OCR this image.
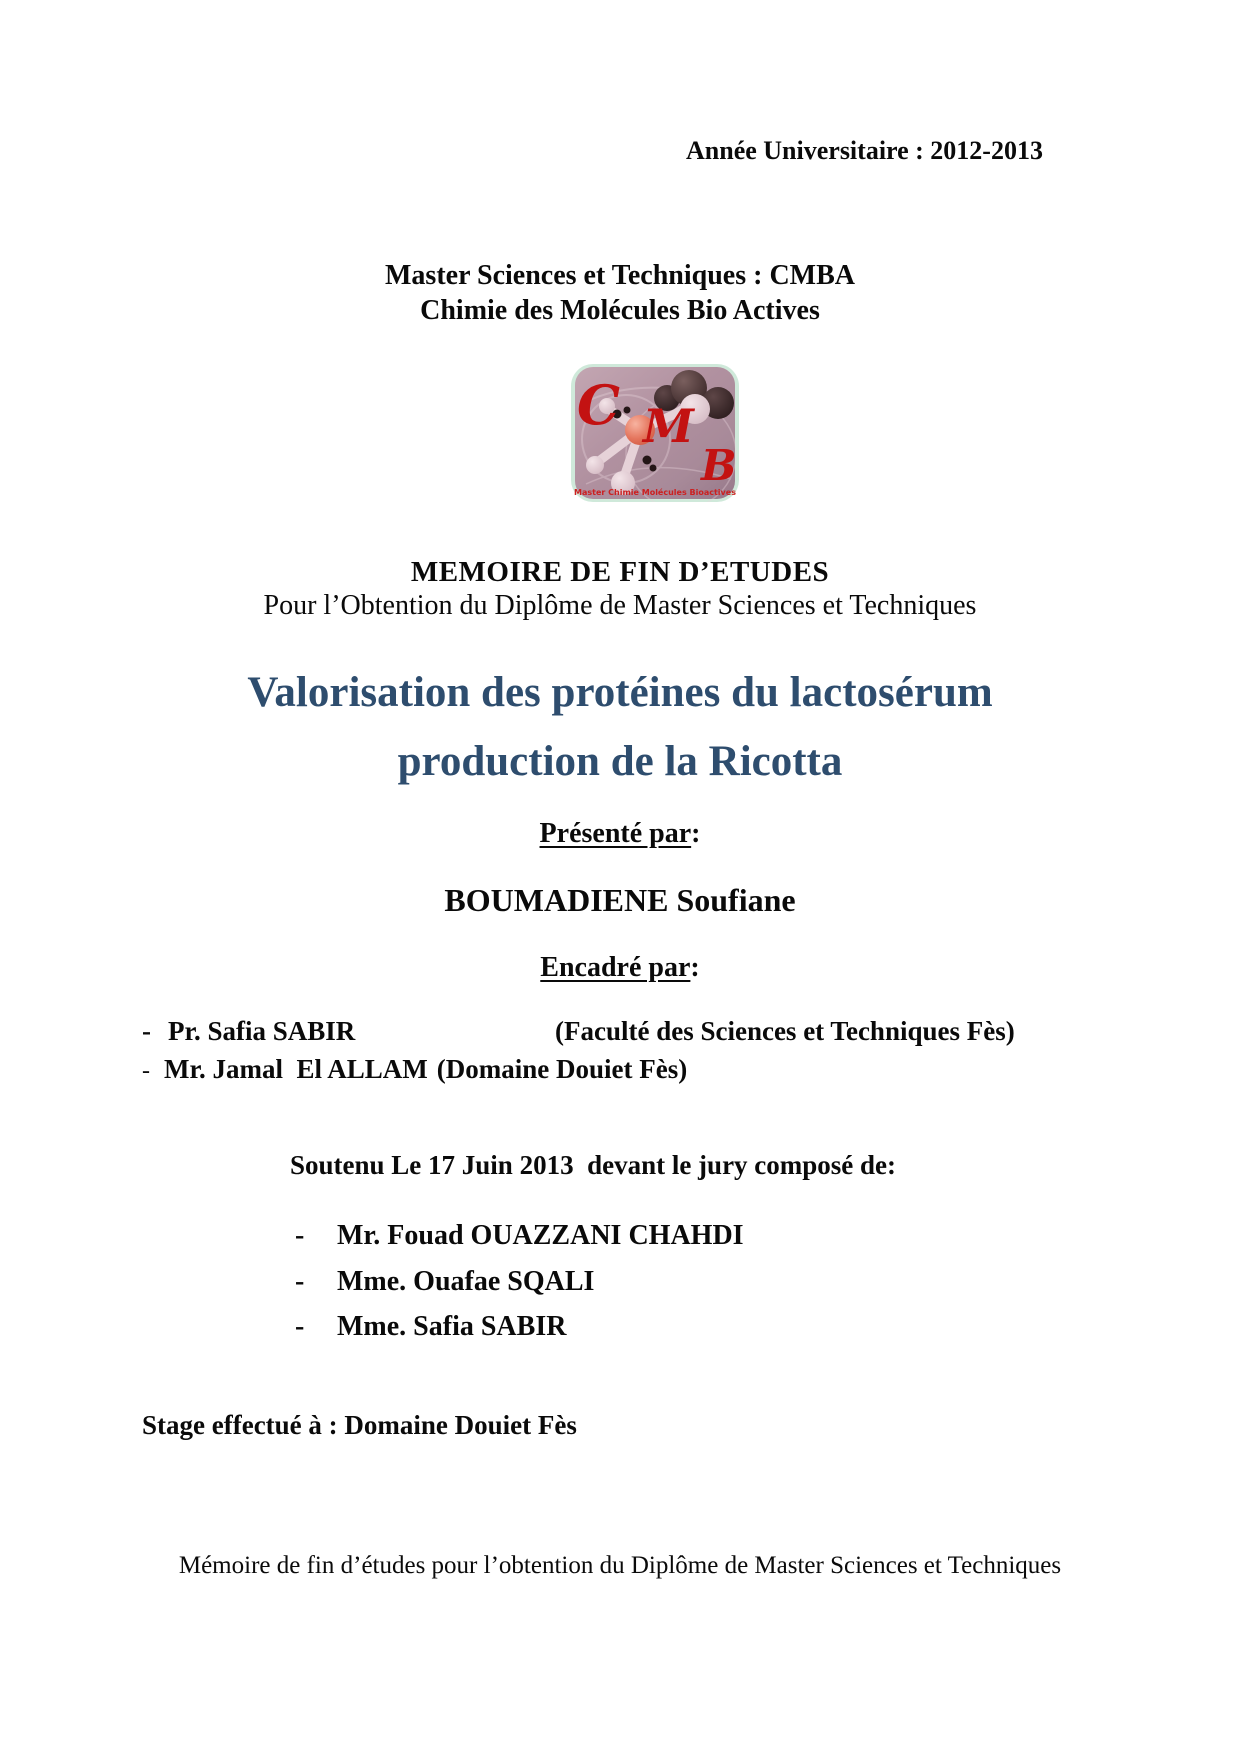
Année Universitaire : 2012-2013
Master Sciences et Techniques : CMBA
Chimie des Molécules Bio Actives
C M
B
Master Chimie Molécules Bioactives
MEMOIRE DE FIN D’ETUDES
Pour l’Obtention du Diplôme de Master Sciences et Techniques
Valorisation des protéines du lactosérum
production de la Ricotta
Présenté par:
BOUMADIENE Soufiane
Encadré par:
- Pr. Safia SABIR	(Faculté des Sciences et Techniques Fès)
- Mr. Jamal  El ALLAM (Domaine Douiet Fès)
Soutenu Le 17 Juin 2013  devant le jury composé de:
- Mr. Fouad OUAZZANI CHAHDI
- Mme. Ouafae SQALI
- Mme. Safia SABIR
Stage effectué à : Domaine Douiet Fès
Mémoire de fin d’études pour l’obtention du Diplôme de Master Sciences et Techniques
